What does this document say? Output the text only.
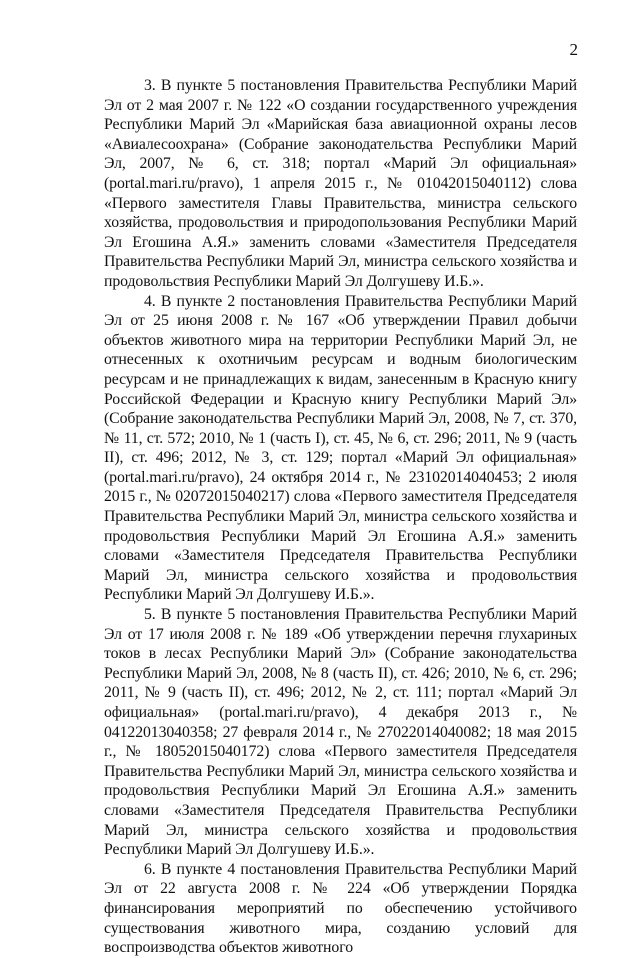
2

3. В пункте 5 постановления Правительства Республики Марий Эл от 2 мая 2007 г. № 122 «О создании государственного учреждения Республики Марий Эл «Марийская база авиационной охраны лесов «Авиалесоохрана» (Собрание законодательства Республики Марий Эл, 2007, № 6, ст. 318; портал «Марий Эл официальная» (portal.mari.ru/pravo), 1 апреля 2015 г., № 01042015040112) слова «Первого заместителя Главы Правительства, министра сельского хозяйства, продовольствия и природопользования Республики Марий Эл Егошина А.Я.» заменить словами «Заместителя Председателя Правительства Республики Марий Эл, министра сельского хозяйства и продовольствия Республики Марий Эл Долгушеву И.Б.».

4. В пункте 2 постановления Правительства Республики Марий Эл от 25 июня 2008 г. № 167 «Об утверждении Правил добычи объектов животного мира на территории Республики Марий Эл, не отнесенных к охотничьим ресурсам и водным биологическим ресурсам и не принадлежащих к видам, занесенным в Красную книгу Российской Федерации и Красную книгу Республики Марий Эл» (Собрание законодательства Республики Марий Эл, 2008, № 7, ст. 370, № 11, ст. 572; 2010, № 1 (часть I), ст. 45, № 6, ст. 296; 2011, № 9 (часть II), ст. 496; 2012, № 3, ст. 129; портал «Марий Эл официальная» (portal.mari.ru/pravo), 24 октября 2014 г., № 23102014040453; 2 июля 2015 г., № 02072015040217) слова «Первого заместителя Председателя Правительства Республики Марий Эл, министра сельского хозяйства и продовольствия Республики Марий Эл Егошина А.Я.» заменить словами «Заместителя Председателя Правительства Республики Марий Эл, министра сельского хозяйства и продовольствия Республики Марий Эл Долгушеву И.Б.».

5. В пункте 5 постановления Правительства Республики Марий Эл от 17 июля 2008 г. № 189 «Об утверждении перечня глухариных токов в лесах Республики Марий Эл» (Собрание законодательства Республики Марий Эл, 2008, № 8 (часть II), ст. 426; 2010, № 6, ст. 296; 2011, № 9 (часть II), ст. 496; 2012, № 2, ст. 111; портал «Марий Эл официальная» (portal.mari.ru/pravo), 4 декабря 2013 г., № 04122013040358; 27 февраля 2014 г., № 27022014040082; 18 мая 2015 г., № 18052015040172) слова «Первого заместителя Председателя Правительства Республики Марий Эл, министра сельского хозяйства и продовольствия Республики Марий Эл Егошина А.Я.» заменить словами «Заместителя Председателя Правительства Республики Марий Эл, министра сельского хозяйства и продовольствия Республики Марий Эл Долгушеву И.Б.».

6. В пункте 4 постановления Правительства Республики Марий Эл от 22 августа 2008 г. № 224 «Об утверждении Порядка финансирования мероприятий по обеспечению устойчивого существования животного мира, созданию условий для воспроизводства объектов животного
